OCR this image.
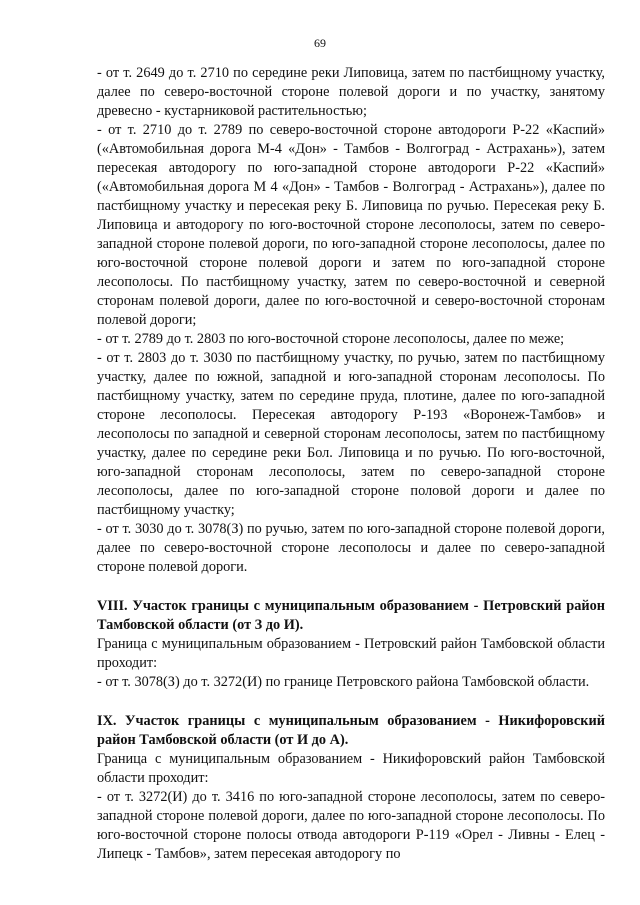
69

- от т. 2649 до т. 2710 по середине реки Липовица, затем по пастбищному участку, далее по северо-восточной стороне полевой дороги и по участку, занятому древесно - кустарниковой растительностью;

- от т. 2710 до т. 2789 по северо-восточной стороне автодороги Р-22 «Каспий» («Автомобильная дорога М-4 «Дон» - Тамбов - Волгоград - Астрахань»), затем пересекая автодорогу по юго-западной стороне автодороги Р-22 «Каспий» («Автомобильная дорога М 4 «Дон» - Тамбов - Волгоград - Астрахань»), далее по пастбищному участку и пересекая реку Б. Липовица по ручью. Пересекая реку Б. Липовица и автодорогу по юго-восточной стороне лесополосы, затем по северо-западной стороне полевой дороги, по юго-западной стороне лесополосы, далее по юго-восточной стороне полевой дороги и затем по юго-западной стороне лесополосы. По пастбищному участку, затем по северо-восточной и северной сторонам полевой дороги, далее по юго-восточной и северо-восточной сторонам полевой дороги;

- от т. 2789 до т. 2803 по юго-восточной стороне лесополосы, далее по меже;

- от т. 2803 до т. 3030 по пастбищному участку, по ручью, затем по пастбищному участку, далее по южной, западной и юго-западной сторонам лесополосы. По пастбищному участку, затем по середине пруда, плотине, далее по юго-западной стороне лесополосы. Пересекая автодорогу Р-193 «Воронеж-Тамбов» и лесополосы по западной и северной сторонам лесополосы, затем по пастбищному участку, далее по середине реки Бол. Липовица и по ручью. По юго-восточной, юго-западной сторонам лесополосы, затем по северо-западной стороне лесополосы, далее по юго-западной стороне половой дороги и далее по пастбищному участку;

- от т. 3030 до т. 3078(З) по ручью, затем по юго-западной стороне полевой дороги, далее по северо-восточной стороне лесополосы и далее по северо-западной стороне полевой дороги.

VIII. Участок границы с муниципальным образованием - Петровский район Тамбовской области (от З до И).

Граница с муниципальным образованием - Петровский район Тамбовской области проходит:

- от т. 3078(З) до т. 3272(И) по границе Петровского района Тамбовской области.

IX. Участок границы с муниципальным образованием - Никифоровский район Тамбовской области (от И до А).

Граница с муниципальным образованием - Никифоровский район Тамбовской области проходит:

- от т. 3272(И) до т. 3416 по юго-западной стороне лесополосы, затем по северо-западной стороне полевой дороги, далее по юго-западной стороне лесополосы. По юго-восточной стороне полосы отвода автодороги Р-119 «Орел - Ливны - Елец - Липецк - Тамбов», затем пересекая автодорогу по
